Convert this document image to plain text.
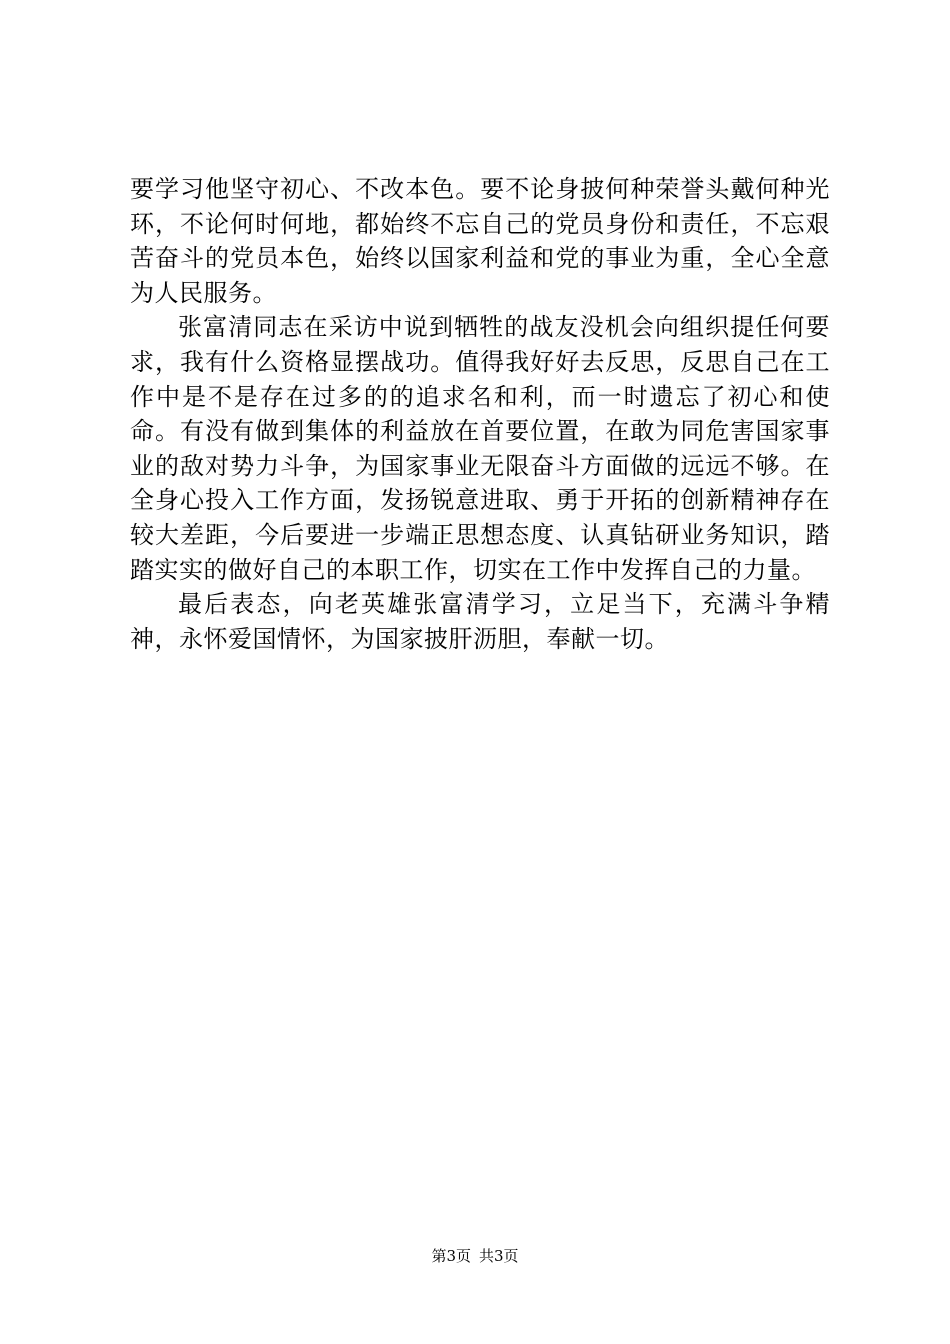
要学习他坚守初心、不改本色。要不论身披何种荣誉头戴何种光环，不论何时何地，都始终不忘自己的党员身份和责任，不忘艰苦奋斗的党员本色，始终以国家利益和党的事业为重，全心全意为人民服务。

张富清同志在采访中说到牺牲的战友没机会向组织提任何要求，我有什么资格显摆战功。值得我好好去反思，反思自己在工作中是不是存在过多的的追求名和利，而一时遗忘了初心和使命。有没有做到集体的利益放在首要位置，在敢为同危害国家事业的敌对势力斗争，为国家事业无限奋斗方面做的远远不够。在全身心投入工作方面，发扬锐意进取、勇于开拓的创新精神存在较大差距，今后要进一步端正思想态度、认真钻研业务知识，踏踏实实的做好自己的本职工作，切实在工作中发挥自己的力量。

最后表态，向老英雄张富清学习，立足当下，充满斗争精神，永怀爱国情怀，为国家披肝沥胆，奉献一切。

第3页 共3页
